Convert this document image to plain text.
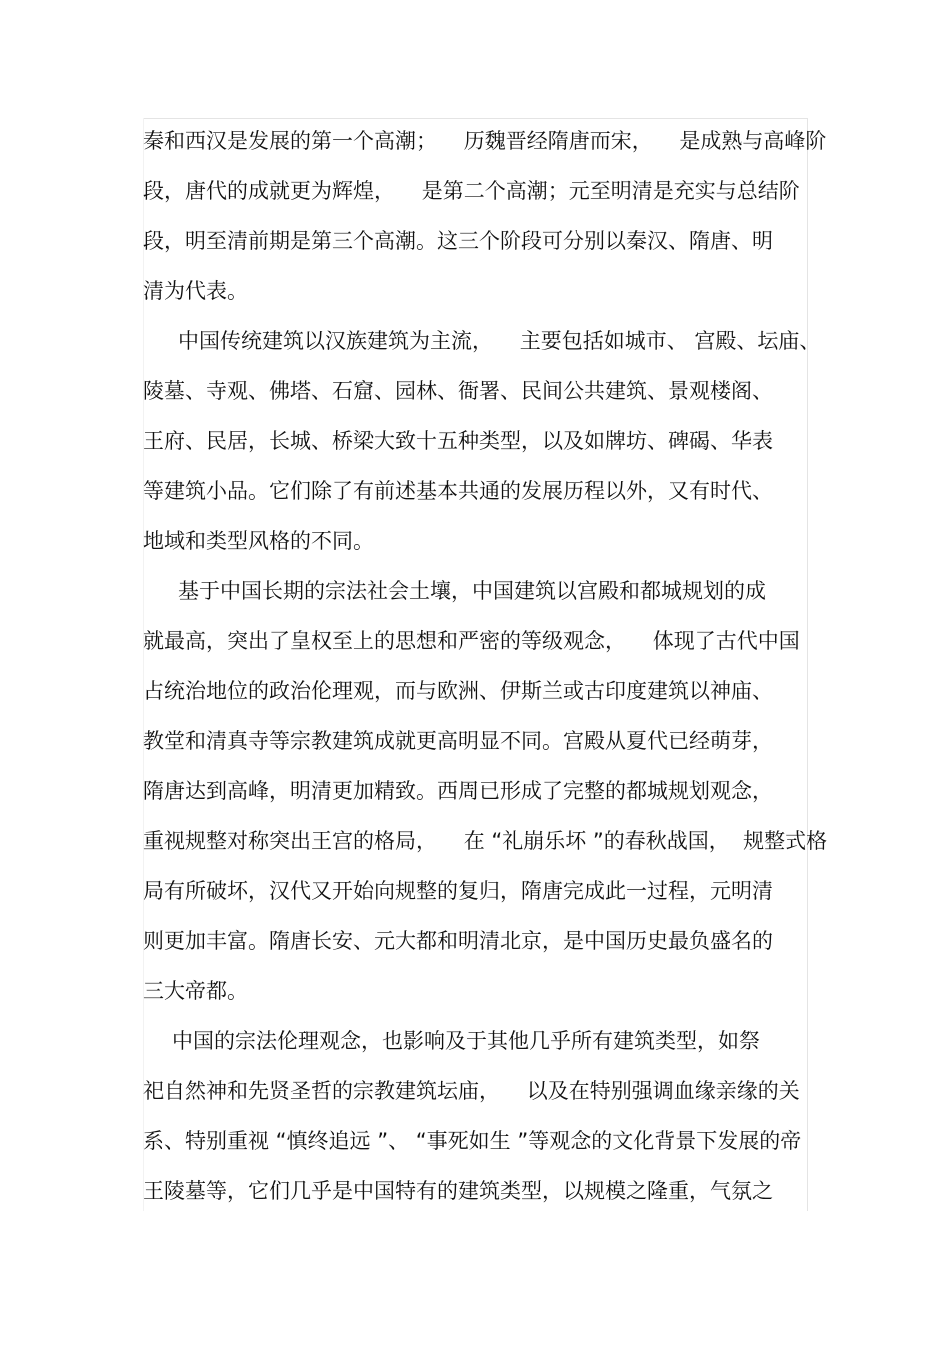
秦和西汉是发展的第一个高潮；    历魏晋经隋唐而宋，    是成熟与高峰阶
段，唐代的成就更为辉煌，    是第二个高潮；元至明清是充实与总结阶
段，明至清前期是第三个高潮。这三个阶段可分别以秦汉、隋唐、明
清为代表。
中国传统建筑以汉族建筑为主流，    主要包括如城市、 宫殿、坛庙、
陵墓、寺观、佛塔、石窟、园林、衙署、民间公共建筑、景观楼阁、
王府、民居，长城、桥梁大致十五种类型，以及如牌坊、碑碣、华表
等建筑小品。它们除了有前述基本共通的发展历程以外，又有时代、
地域和类型风格的不同。
基于中国长期的宗法社会土壤，中国建筑以宫殿和都城规划的成
就最高，突出了皇权至上的思想和严密的等级观念，    体现了古代中国
占统治地位的政治伦理观，而与欧洲、伊斯兰或古印度建筑以神庙、
教堂和清真寺等宗教建筑成就更高明显不同。宫殿从夏代已经萌芽，
隋唐达到高峰，明清更加精致。西周已形成了完整的都城规划观念，
重视规整对称突出王宫的格局，    在 “礼崩乐坏 ”的春秋战国，  规整式格
局有所破坏，汉代又开始向规整的复归，隋唐完成此一过程，元明清
则更加丰富。隋唐长安、元大都和明清北京，是中国历史最负盛名的
三大帝都。
中国的宗法伦理观念，也影响及于其他几乎所有建筑类型，如祭
祀自然神和先贤圣哲的宗教建筑坛庙，    以及在特别强调血缘亲缘的关
系、特别重视 “慎终追远 ”、 “事死如生 ”等观念的文化背景下发展的帝
王陵墓等，它们几乎是中国特有的建筑类型，以规模之隆重，气氛之
